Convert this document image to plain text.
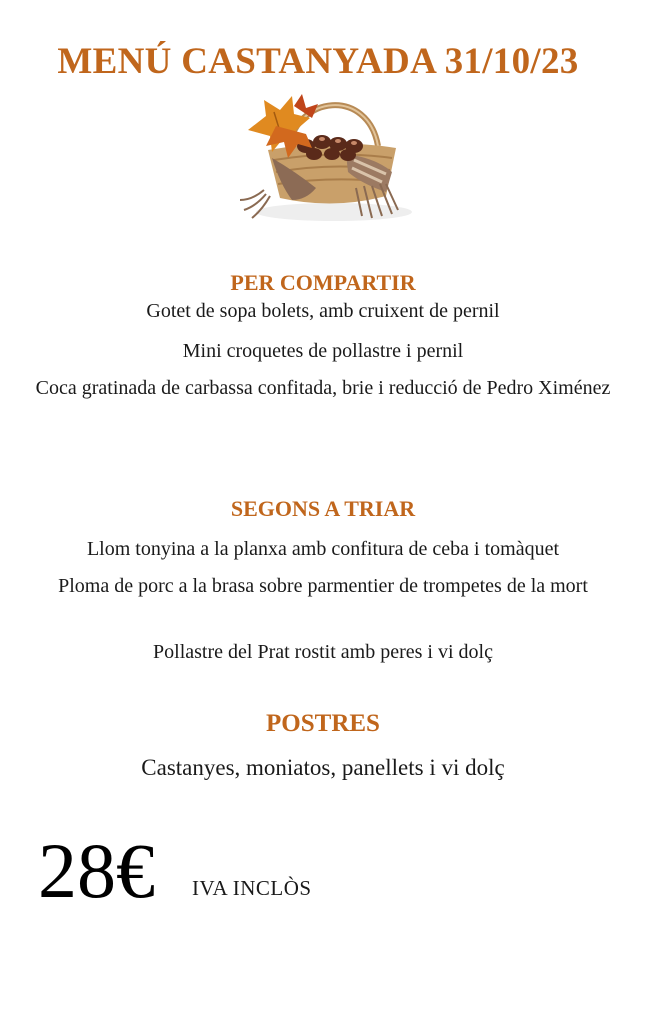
MENÚ CASTANYADA 31/10/23
PER COMPARTIR
Gotet de sopa bolets, amb cruixent de pernil
Mini croquetes de pollastre i pernil
Coca gratinada de carbassa confitada, brie i reducció de Pedro Ximénez
SEGONS A TRIAR
Llom tonyina a la planxa amb confitura de ceba i tomàquet
Ploma de porc a la brasa sobre parmentier de trompetes de la mort
Pollastre del Prat rostit amb peres i vi dolç
POSTRES
Castanyes, moniatos, panellets i vi dolç
28€ IVA INCLÒS
